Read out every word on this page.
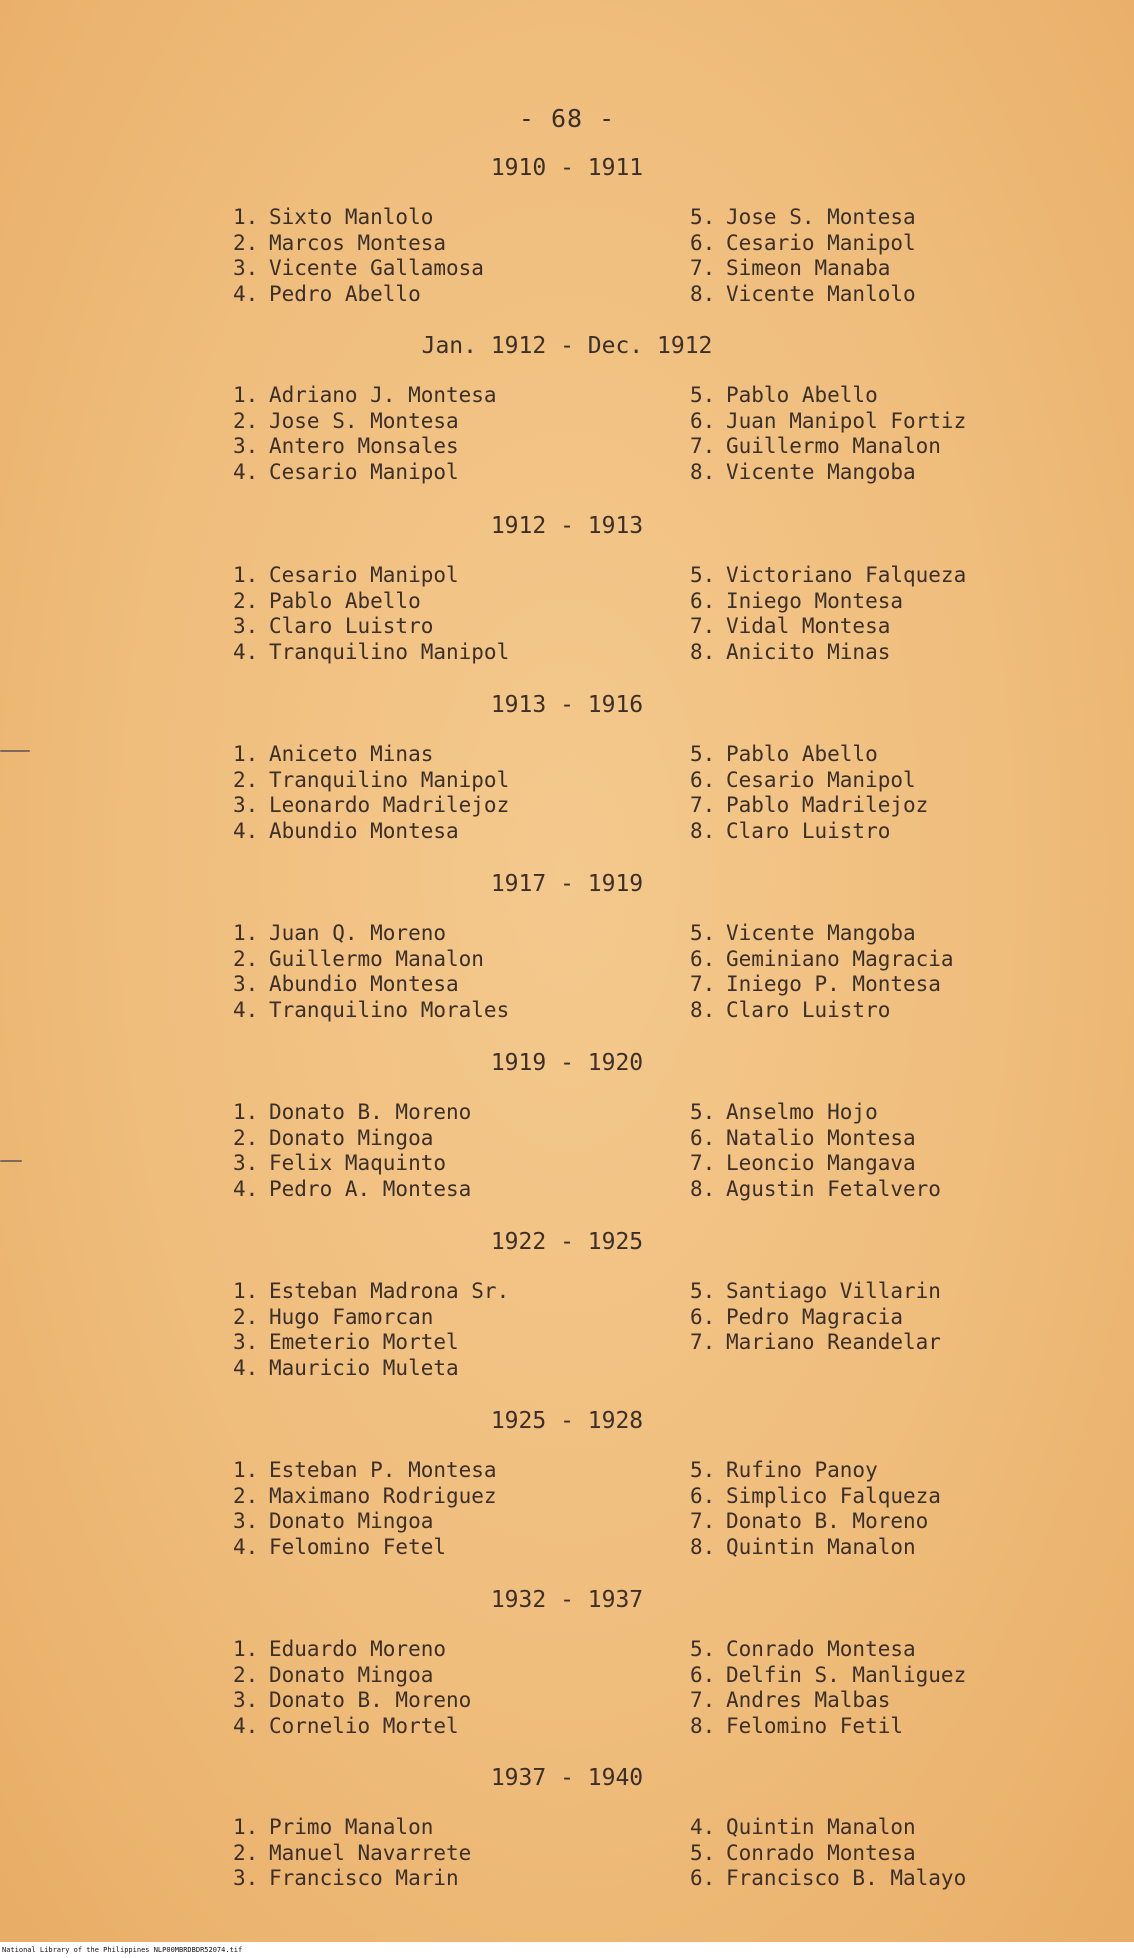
- 68 -
1910 - 1911
1. Sixto Manlolo
2. Marcos Montesa
3. Vicente Gallamosa
4. Pedro Abello
5. Jose S. Montesa
6. Cesario Manipol
7. Simeon Manaba
8. Vicente Manlolo
Jan. 1912 - Dec. 1912
1. Adriano J. Montesa
2. Jose S. Montesa
3. Antero Monsales
4. Cesario Manipol
5. Pablo Abello
6. Juan Manipol Fortiz
7. Guillermo Manalon
8. Vicente Mangoba
1912 - 1913
1. Cesario Manipol
2. Pablo Abello
3. Claro Luistro
4. Tranquilino Manipol
5. Victoriano Falqueza
6. Iniego Montesa
7. Vidal Montesa
8. Anicito Minas
1913 - 1916
1. Aniceto Minas
2. Tranquilino Manipol
3. Leonardo Madrilejoz
4. Abundio Montesa
5. Pablo Abello
6. Cesario Manipol
7. Pablo Madrilejoz
8. Claro Luistro
1917 - 1919
1. Juan Q. Moreno
2. Guillermo Manalon
3. Abundio Montesa
4. Tranquilino Morales
5. Vicente Mangoba
6. Geminiano Magracia
7. Iniego P. Montesa
8. Claro Luistro
1919 - 1920
1. Donato B. Moreno
2. Donato Mingoa
3. Felix Maquinto
4. Pedro A. Montesa
5. Anselmo Hojo
6. Natalio Montesa
7. Leoncio Mangava
8. Agustin Fetalvero
1922 - 1925
1. Esteban Madrona Sr.
2. Hugo Famorcan
3. Emeterio Mortel
4. Mauricio Muleta
5. Santiago Villarin
6. Pedro Magracia
7. Mariano Reandelar
1925 - 1928
1. Esteban P. Montesa
2. Maximano Rodriguez
3. Donato Mingoa
4. Felomino Fetel
5. Rufino Panoy
6. Simplico Falqueza
7. Donato B. Moreno
8. Quintin Manalon
1932 - 1937
1. Eduardo Moreno
2. Donato Mingoa
3. Donato B. Moreno
4. Cornelio Mortel
5. Conrado Montesa
6. Delfin S. Manliguez
7. Andres Malbas
8. Felomino Fetil
1937 - 1940
1. Primo Manalon
2. Manuel Navarrete
3. Francisco Marin
4. Quintin Manalon
5. Conrado Montesa
6. Francisco B. Malayo
National Library of the Philippines NLP00MBRDBDR52074.tif
